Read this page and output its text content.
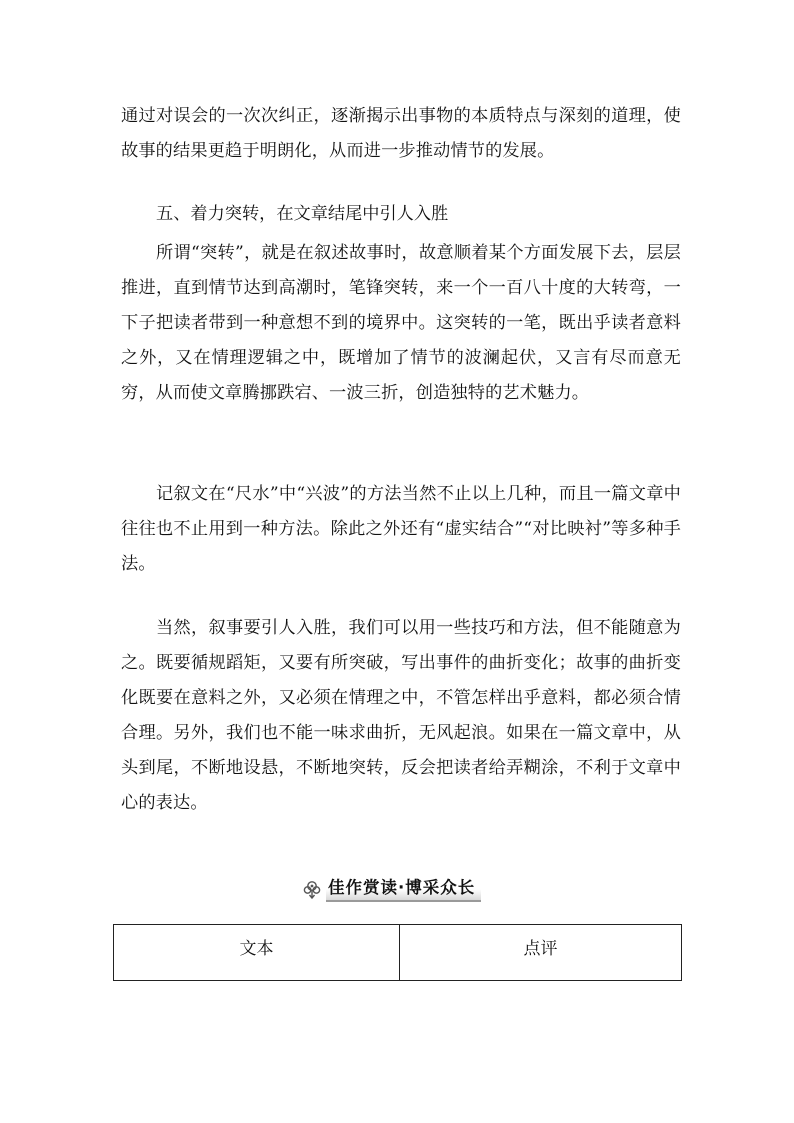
通过对误会的一次次纠正，逐渐揭示出事物的本质特点与深刻的道理，使故事的结果更趋于明朗化，从而进一步推动情节的发展。

五、着力突转，在文章结尾中引人入胜

所谓“突转”，就是在叙述故事时，故意顺着某个方面发展下去，层层推进，直到情节达到高潮时，笔锋突转，来一个一百八十度的大转弯，一下子把读者带到一种意想不到的境界中。这突转的一笔，既出乎读者意料之外，又在情理逻辑之中，既增加了情节的波澜起伏，又言有尽而意无穷，从而使文章腾挪跌宕、一波三折，创造独特的艺术魅力。

记叙文在“尺水”中“兴波”的方法当然不止以上几种，而且一篇文章中往往也不止用到一种方法。除此之外还有“虚实结合”“对比映衬”等多种手法。

当然，叙事要引人入胜，我们可以用一些技巧和方法，但不能随意为之。既要循规蹈矩，又要有所突破，写出事件的曲折变化；故事的曲折变化既要在意料之外，又必须在情理之中，不管怎样出乎意料，都必须合情合理。另外，我们也不能一味求曲折，无风起浪。如果在一篇文章中，从头到尾，不断地设悬，不断地突转，反会把读者给弄糊涂，不利于文章中心的表达。

佳作赏读·博采众长
文本	点评
